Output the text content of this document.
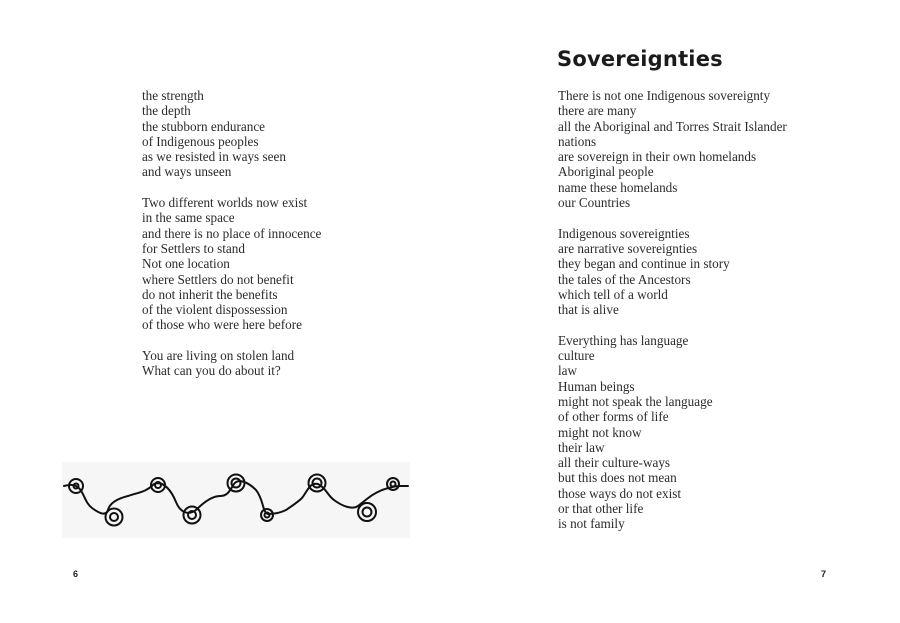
the strength
the depth
the stubborn endurance
of Indigenous peoples
as we resisted in ways seen
and ways unseen
Two different worlds now exist
in the same space
and there is no place of innocence
for Settlers to stand
Not one location
where Settlers do not benefit
do not inherit the benefits
of the violent dispossession
of those who were here before
You are living on stolen land
What can you do about it?
6
Sovereignties
There is not one Indigenous sovereignty
there are many
all the Aboriginal and Torres Strait Islander
nations
are sovereign in their own homelands
Aboriginal people
name these homelands
our Countries
Indigenous sovereignties
are narrative sovereignties
they began and continue in story
the tales of the Ancestors
which tell of a world
that is alive
Everything has language
culture
law
Human beings
might not speak the language
of other forms of life
might not know
their law
all their culture-ways
but this does not mean
those ways do not exist
or that other life
is not family
7
